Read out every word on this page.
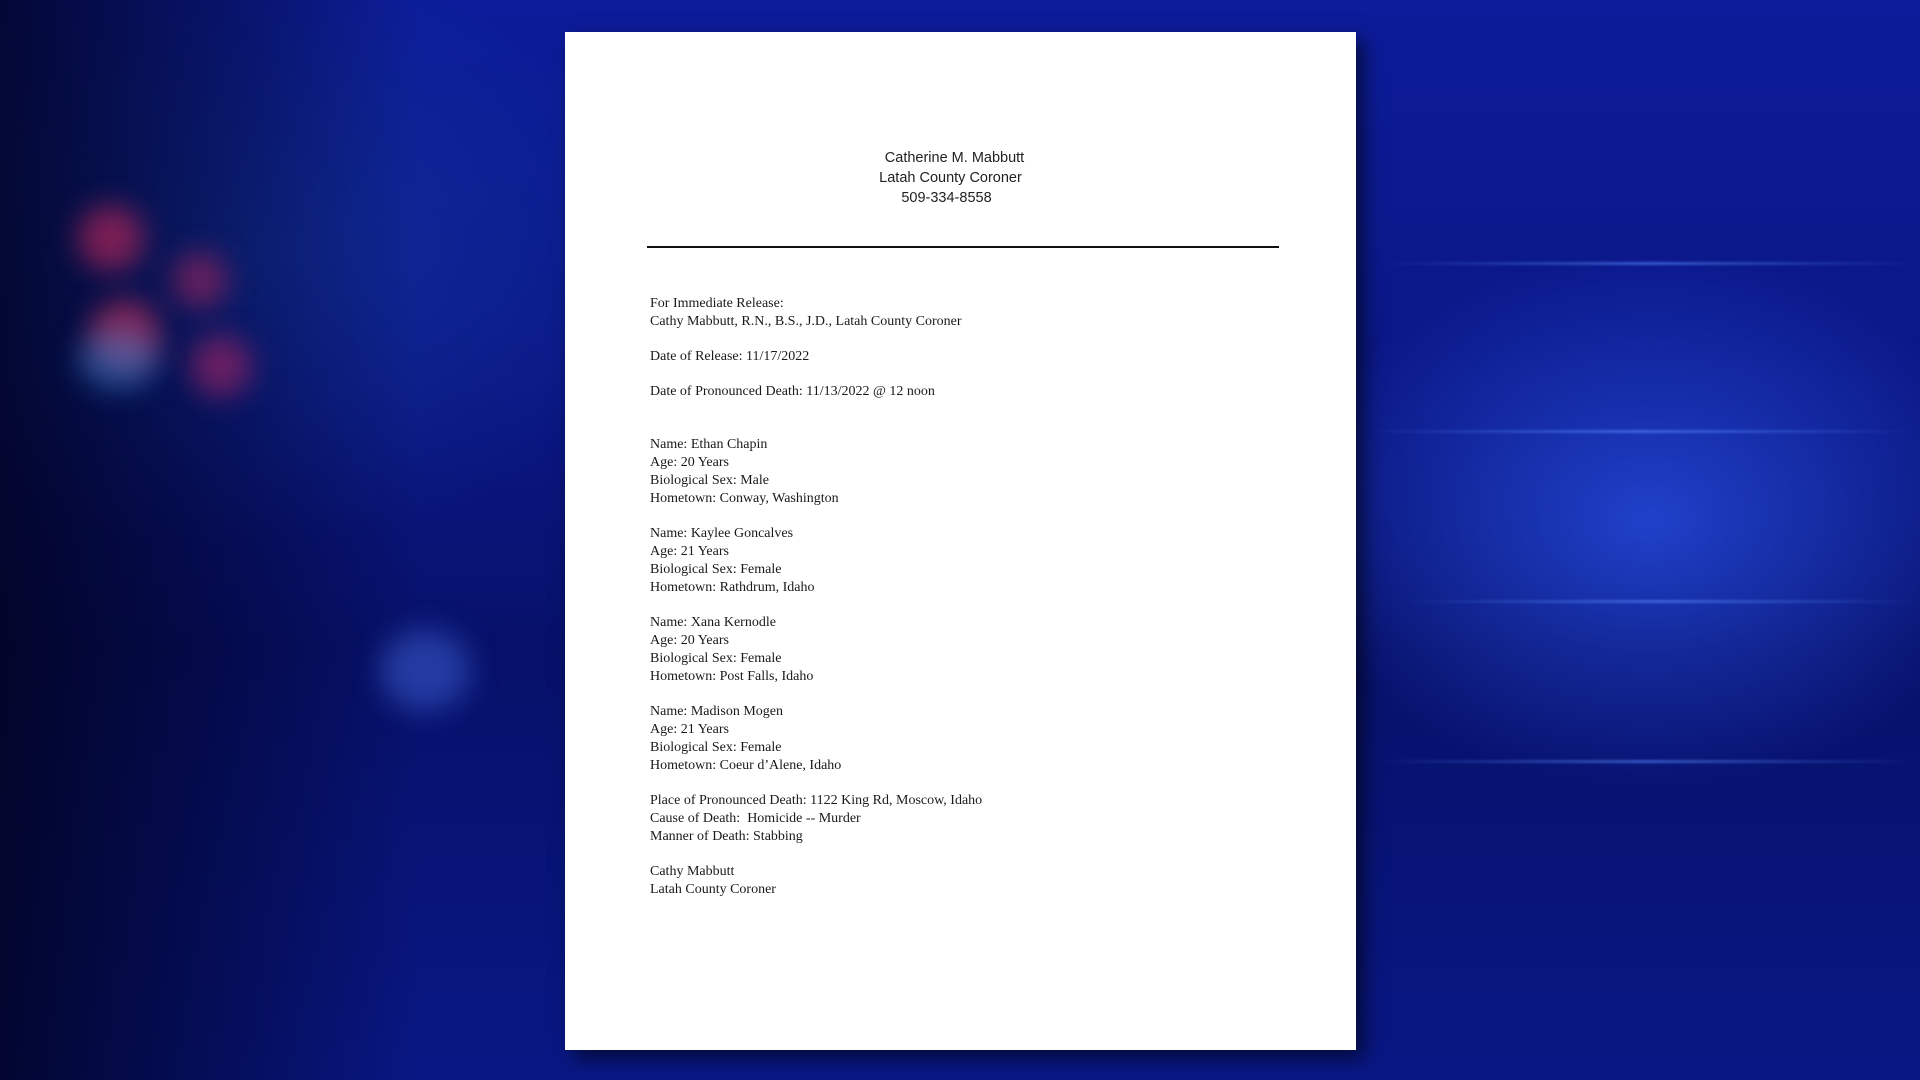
Catherine M. Mabbutt
Latah County Coroner
509-334-8558
For Immediate Release:
Cathy Mabbutt, R.N., B.S., J.D., Latah County Coroner
Date of Release: 11/17/2022
Date of Pronounced Death: 11/13/2022 @ 12 noon
Name: Ethan Chapin
Age: 20 Years
Biological Sex: Male
Hometown: Conway, Washington
Name: Kaylee Goncalves
Age: 21 Years
Biological Sex: Female
Hometown: Rathdrum, Idaho
Name: Xana Kernodle
Age: 20 Years
Biological Sex: Female
Hometown: Post Falls, Idaho
Name: Madison Mogen
Age: 21 Years
Biological Sex: Female
Hometown: Coeur d’Alene, Idaho
Place of Pronounced Death: 1122 King Rd, Moscow, Idaho
Cause of Death:  Homicide -- Murder
Manner of Death: Stabbing
Cathy Mabbutt
Latah County Coroner
